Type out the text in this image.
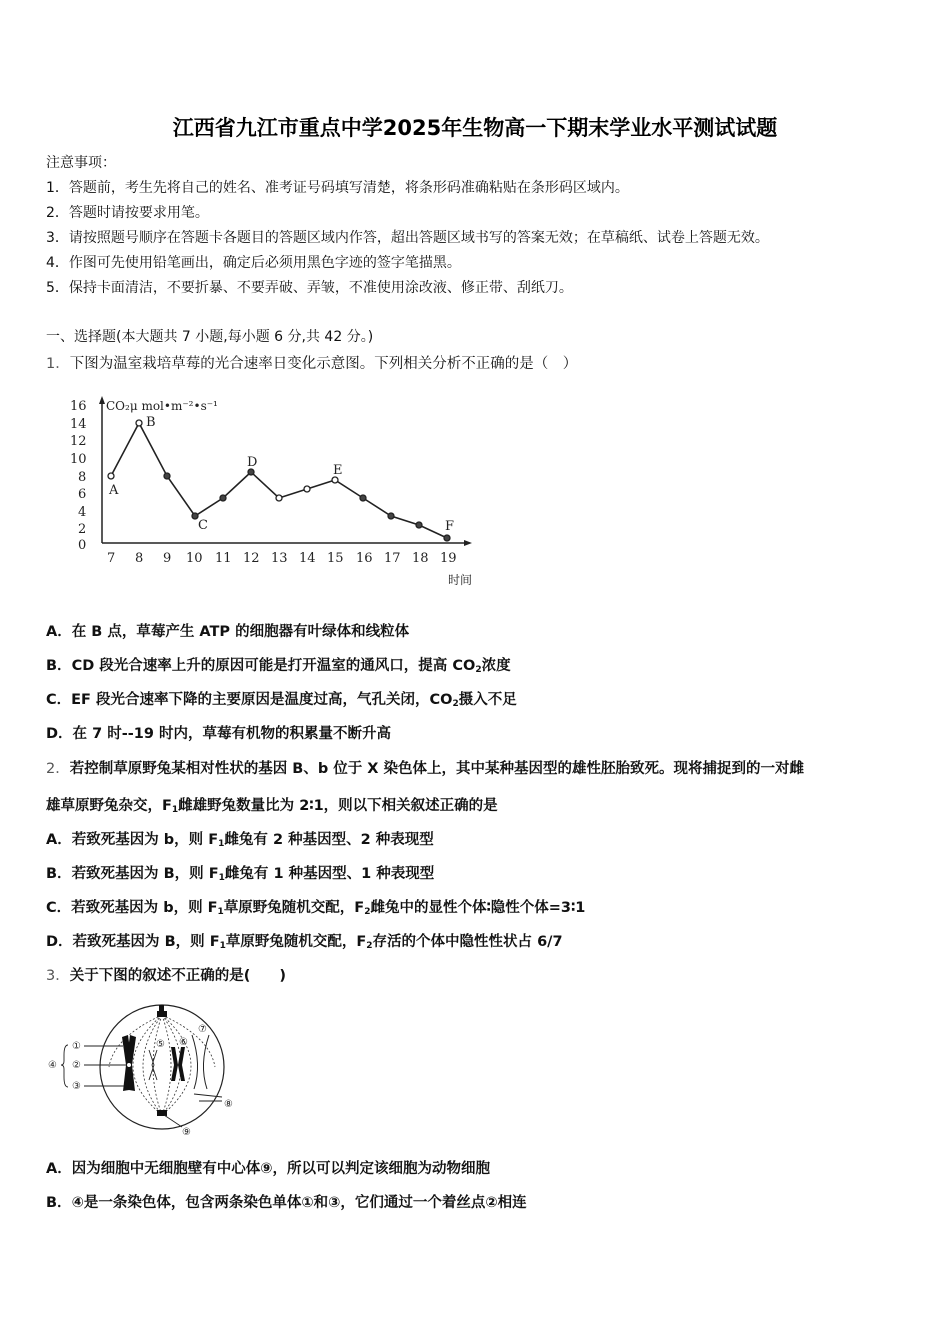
江西省九江市重点中学2025年生物高一下期末学业水平测试试题
注意事项：
1．答题前，考生先将自己的姓名、准考证号码填写清楚，将条形码准确粘贴在条形码区域内。
2．答题时请按要求用笔。
3．请按照题号顺序在答题卡各题目的答题区域内作答，超出答题区域书写的答案无效；在草稿纸、试卷上答题无效。
4．作图可先使用铅笔画出，确定后必须用黑色字迹的签字笔描黑。
5．保持卡面清洁，不要折暴、不要弄破、弄皱，不准使用涂改液、修正带、刮纸刀。
一、选择题(本大题共 7 小题,每小题 6 分,共 42 分。)
1．下图为温室栽培草莓的光合速率日变化示意图。下列相关分析不正确的是（　）
16
14
12
10
8
6
4
2
0
CO₂μ mol•m⁻²•s⁻¹
7 8 9 10 11 12 13 14 15 16 17 18 19
时间
A
B
C
D
E
F
A．在 B 点，草莓产生 ATP 的细胞器有叶绿体和线粒体
B．CD 段光合速率上升的原因可能是打开温室的通风口，提高 $CO_2$浓度
C．EF 段光合速率下降的主要原因是温度过高，气孔关闭，$CO_2$摄入不足
D．在 7 时--19 时内，草莓有机物的积累量不断升高
2．若控制草原野兔某相对性状的基因 B、b 位于 X 染色体上，其中某种基因型的雄性胚胎致死。现将捕捉到的一对雌
雄草原野兔杂交，$F_1$雌雄野兔数量比为 2∶1，则以下相关叙述正确的是
A．若致死基因为 b，则 $F_1$雌兔有 2 种基因型、2 种表现型
B．若致死基因为 B，则 $F_1$雌兔有 1 种基因型、1 种表现型
C．若致死基因为 b，则 $F_1$草原野兔随机交配，$F_2$雌兔中的显性个体∶隐性个体=3∶1
D．若致死基因为 B，则 $F_1$草原野兔随机交配，$F_2$存活的个体中隐性性状占 6/7
3．关于下图的叙述不正确的是(　　)
①
②
③
④
⑤ ⑥
⑦
⑧
⑨
A．因为细胞中无细胞壁有中心体⑨，所以可以判定该细胞为动物细胞
B．④是一条染色体，包含两条染色单体①和③，它们通过一个着丝点②相连
